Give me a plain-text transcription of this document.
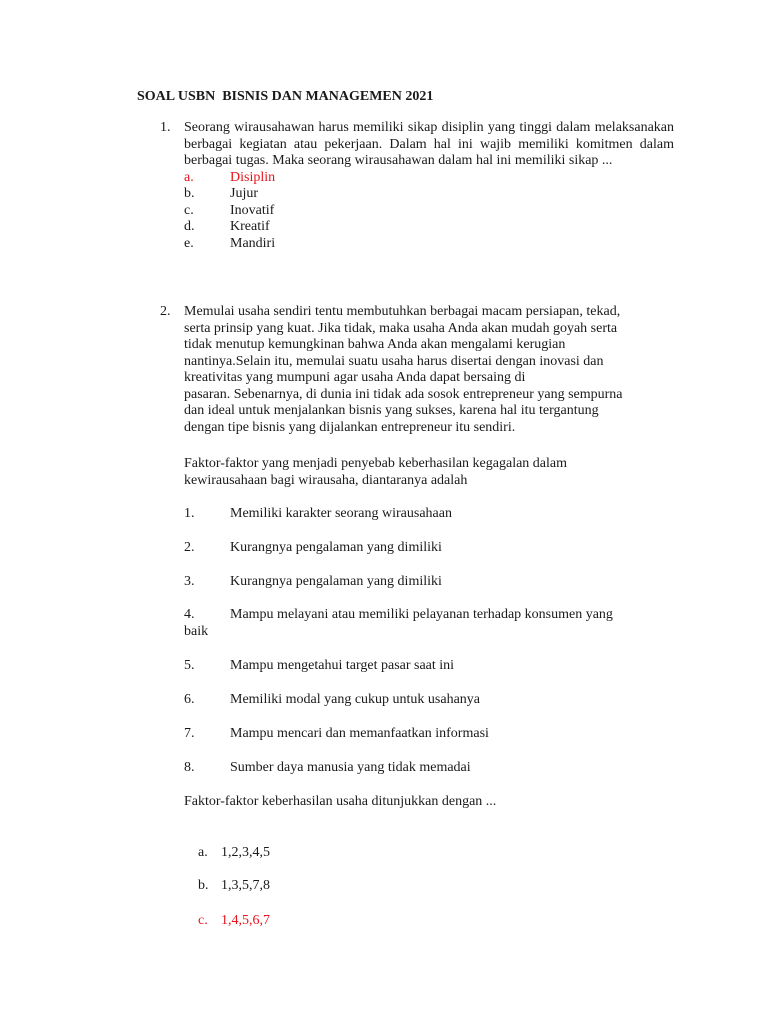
SOAL USBN  BISNIS DAN MANAGEMEN 2021
1. Seorang wirausahawan harus memiliki sikap disiplin yang tinggi dalam melaksanakan berbagai kegiatan atau pekerjaan. Dalam hal ini wajib memiliki komitmen dalam berbagai tugas. Maka seorang wirausahawan dalam hal ini memiliki sikap ...
a.	Disiplin
b.	Jujur
c.	Inovatif
d.	Kreatif
e.	Mandiri
2. Memulai usaha sendiri tentu membutuhkan berbagai macam persiapan, tekad,
serta prinsip yang kuat. Jika tidak, maka usaha Anda akan mudah goyah serta
tidak menutup kemungkinan bahwa Anda akan mengalami kerugian
nantinya.Selain itu, memulai suatu usaha harus disertai dengan inovasi dan
kreativitas yang mumpuni agar usaha Anda dapat bersaing di
pasaran. Sebenarnya, di dunia ini tidak ada sosok entrepreneur yang sempurna
dan ideal untuk menjalankan bisnis yang sukses, karena hal itu tergantung
dengan tipe bisnis yang dijalankan entrepreneur itu sendiri.
Faktor-faktor yang menjadi penyebab keberhasilan kegagalan dalam
kewirausahaan bagi wirausaha, diantaranya adalah
1.	Memiliki karakter seorang wirausahaan
2.	Kurangnya pengalaman yang dimiliki
3.	Kurangnya pengalaman yang dimiliki
4.	Mampu melayani atau memiliki pelayanan terhadap konsumen yang
baik
5.	Mampu mengetahui target pasar saat ini
6.	Memiliki modal yang cukup untuk usahanya
7.	Mampu mencari dan memanfaatkan informasi
8.	Sumber daya manusia yang tidak memadai
Faktor-faktor keberhasilan usaha ditunjukkan dengan ...

a. 1,2,3,4,5

b. 1,3,5,7,8

c. 1,4,5,6,7
